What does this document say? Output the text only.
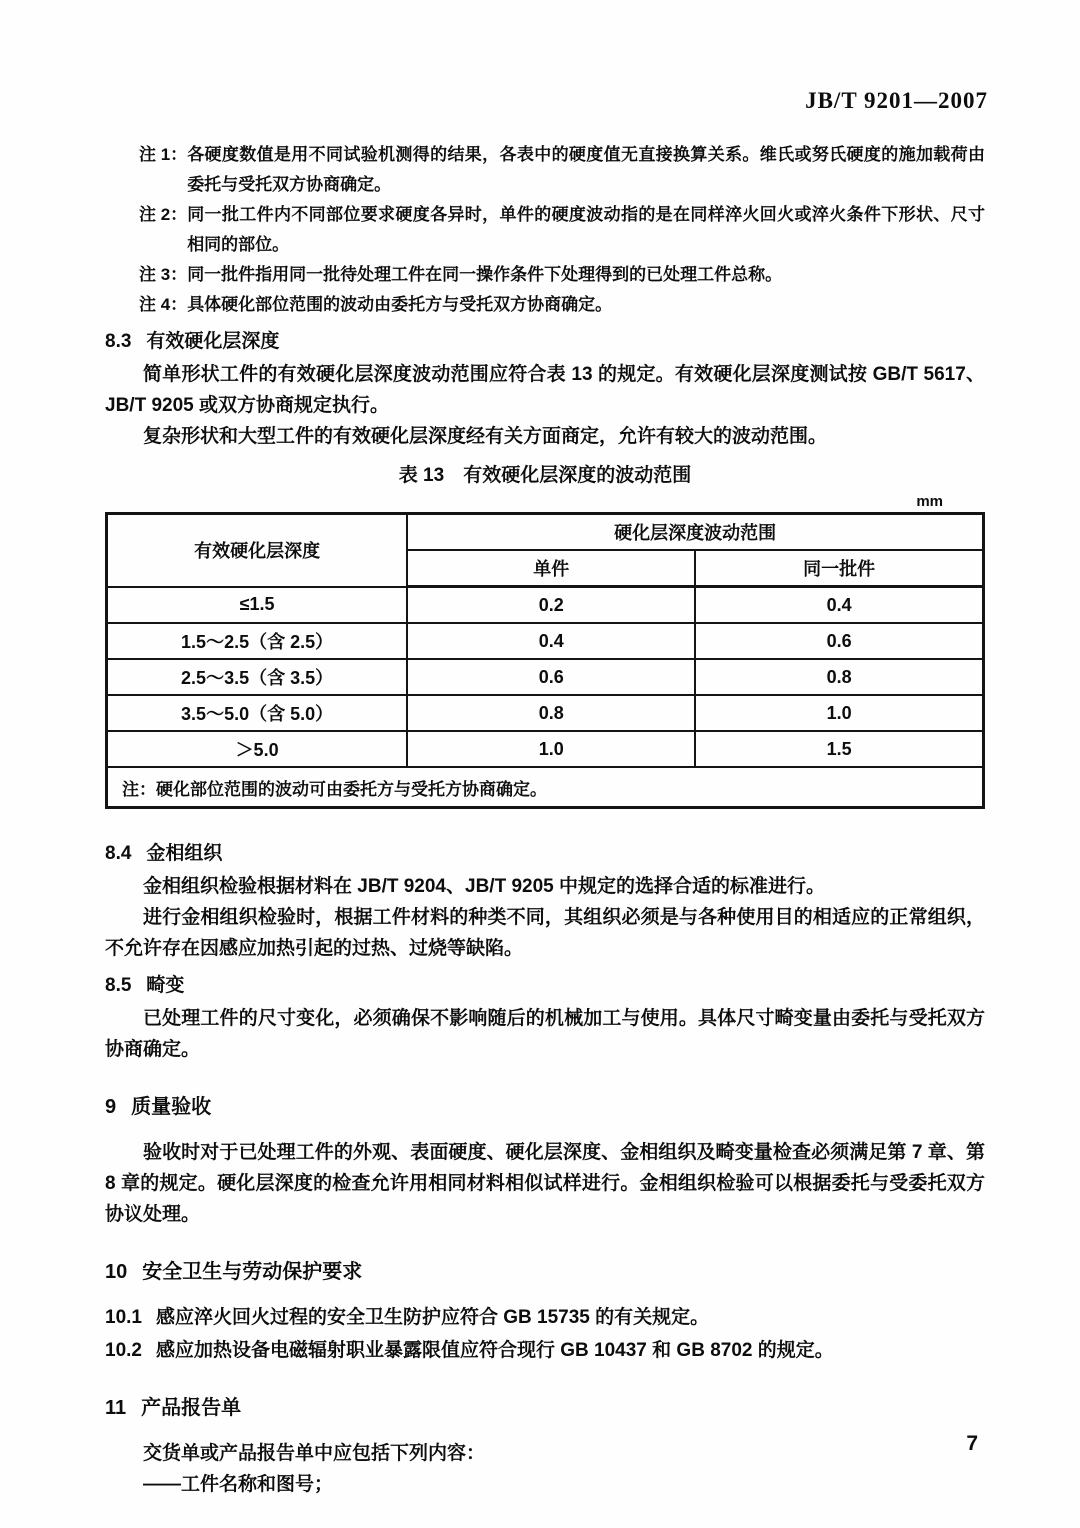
JB/T 9201—2007
注 1： 各硬度数值是用不同试验机测得的结果，各表中的硬度值无直接换算关系。维氏或努氏硬度的施加载荷由委托与受托双方协商确定。
注 2： 同一批工件内不同部位要求硬度各异时，单件的硬度波动指的是在同样淬火回火或淬火条件下形状、尺寸相同的部位。
注 3： 同一批件指用同一批待处理工件在同一操作条件下处理得到的已处理工件总称。
注 4： 具体硬化部位范围的波动由委托方与受托双方协商确定。
8.3 有效硬化层深度

简单形状工件的有效硬化层深度波动范围应符合表 13 的规定。有效硬化层深度测试按 GB/T 5617、JB/T 9205 或双方协商规定执行。

复杂形状和大型工件的有效硬化层深度经有关方面商定，允许有较大的波动范围。

表 13　有效硬化层深度的波动范围
mm
有效硬化层深度	硬化层深度波动范围	
	单件	同一批件
≤1.5	0.2	0.4
1.5～2.5（含 2.5）	0.4	0.6
2.5～3.5（含 3.5）	0.6	0.8
3.5～5.0（含 5.0）	0.8	1.0
＞5.0	1.0	1.5
注：硬化部位范围的波动可由委托方与受托方协商确定。		
8.4 金相组织

金相组织检验根据材料在 JB/T 9204、JB/T 9205 中规定的选择合适的标准进行。

进行金相组织检验时，根据工件材料的种类不同，其组织必须是与各种使用目的相适应的正常组织，不允许存在因感应加热引起的过热、过烧等缺陷。

8.5 畸变

已处理工件的尺寸变化，必须确保不影响随后的机械加工与使用。具体尺寸畸变量由委托与受托双方协商确定。

9 质量验收

验收时对于已处理工件的外观、表面硬度、硬化层深度、金相组织及畸变量检查必须满足第 7 章、第 8 章的规定。硬化层深度的检查允许用相同材料相似试样进行。金相组织检验可以根据委托与受委托双方协议处理。

10 安全卫生与劳动保护要求

10.1 感应淬火回火过程的安全卫生防护应符合 GB 15735 的有关规定。

10.2 感应加热设备电磁辐射职业暴露限值应符合现行 GB 10437 和 GB 8702 的规定。

11 产品报告单

交货单或产品报告单中应包括下列内容：

——工件名称和图号；

7
